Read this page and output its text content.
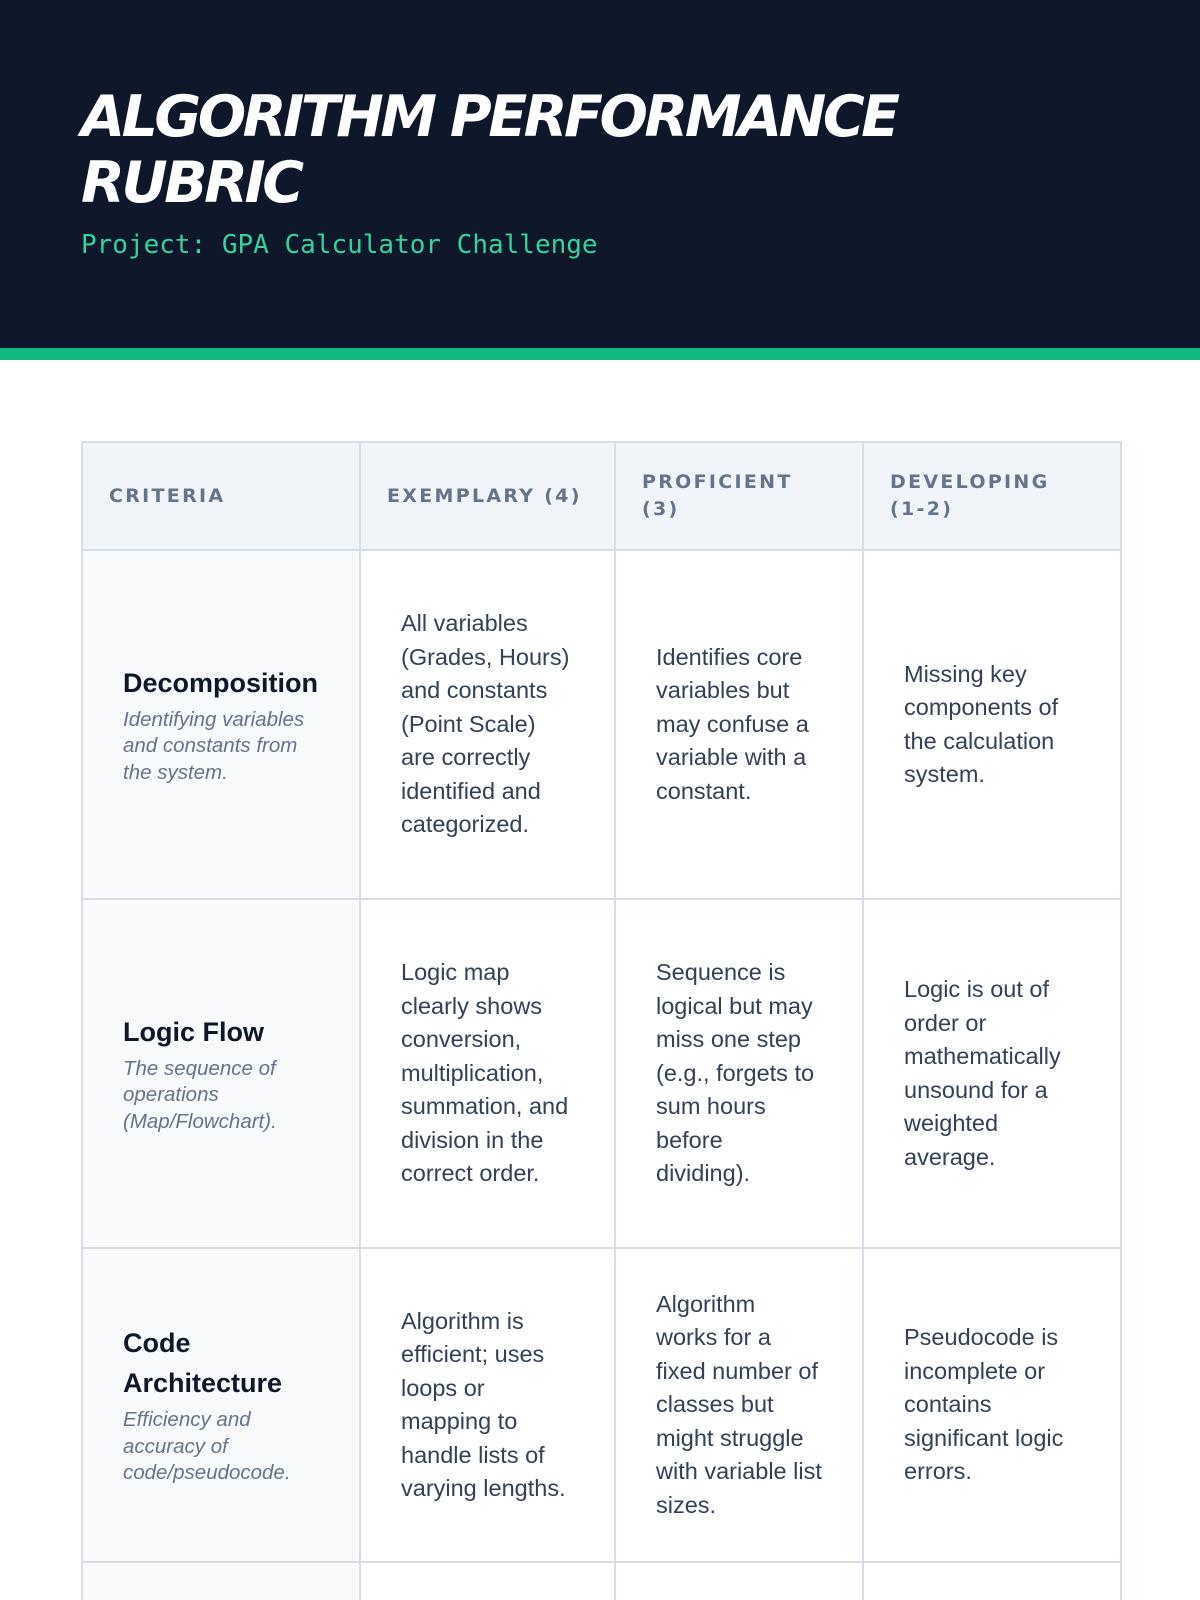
ALGORITHM PERFORMANCE RUBRIC
Project: GPA Calculator Challenge
CRITERIA	EXEMPLARY (4)	PROFICIENT (3)	DEVELOPING (1-2)

Decomposition
Identifying variables and constants from the system.	All variables (Grades, Hours) and constants (Point Scale) are correctly identified and categorized.	Identifies core variables but may confuse a variable with a constant.	Missing key components of the calculation system.

Logic Flow
The sequence of operations (Map/Flowchart).	Logic map clearly shows conversion, multiplication, summation, and division in the correct order.	Sequence is logical but may miss one step (e.g., forgets to sum hours before dividing).	Logic is out of order or mathematically unsound for a weighted average.

Code Architecture
Efficiency and accuracy of code/pseudocode.	Algorithm is efficient; uses loops or mapping to handle lists of varying lengths.	Algorithm works for a fixed number of classes but might struggle with variable list sizes.	Pseudocode is incomplete or contains significant logic errors.
